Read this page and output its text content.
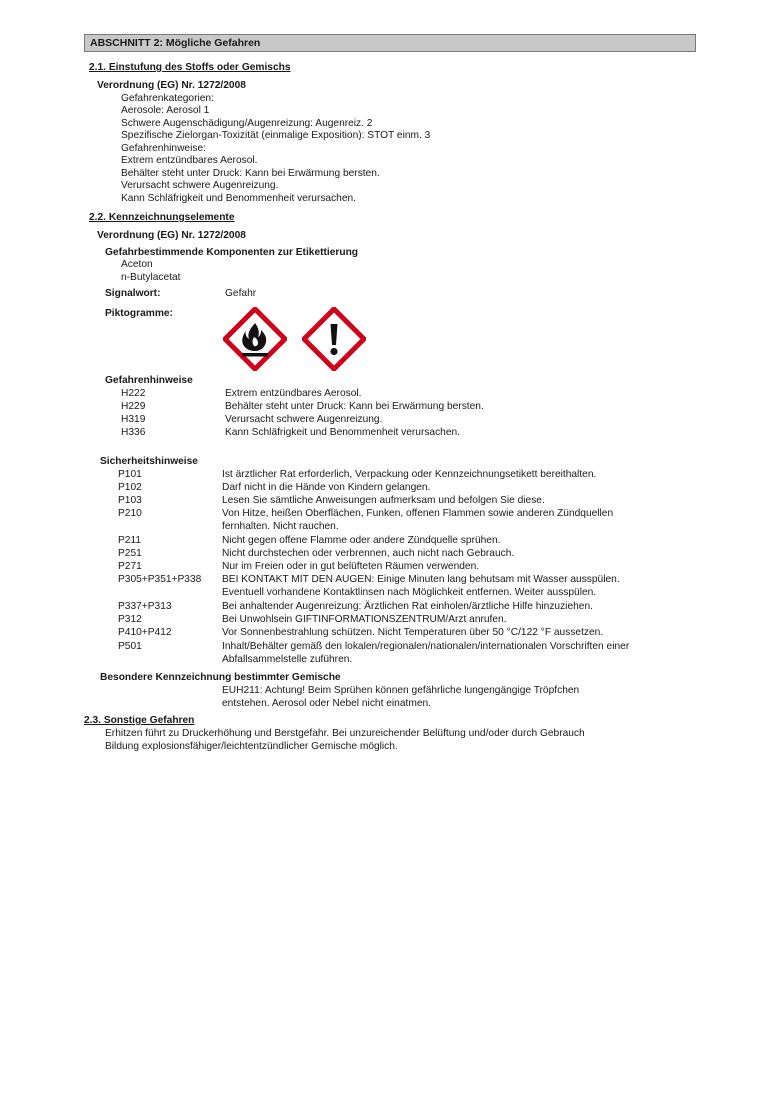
ABSCHNITT 2: Mögliche Gefahren
2.1. Einstufung des Stoffs oder Gemischs
Verordnung (EG) Nr. 1272/2008
Gefahrenkategorien:
Aerosole: Aerosol 1
Schwere Augenschädigung/Augenreizung: Augenreiz. 2
Spezifische Zielorgan-Toxizität (einmalige Exposition): STOT einm. 3
Gefahrenhinweise:
Extrem entzündbares Aerosol.
Behälter steht unter Druck: Kann bei Erwärmung bersten.
Verursacht schwere Augenreizung.
Kann Schläfrigkeit und Benommenheit verursachen.
2.2. Kennzeichnungselemente
Verordnung (EG) Nr. 1272/2008
Gefahrbestimmende Komponenten zur Etikettierung
Aceton
n-Butylacetat
Signalwort:	Gefahr
Piktogramme:
Gefahrenhinweise
H222	Extrem entzündbares Aerosol.
H229	Behälter steht unter Druck: Kann bei Erwärmung bersten.
H319	Verursacht schwere Augenreizung.
H336	Kann Schläfrigkeit und Benommenheit verursachen.
Sicherheitshinweise
P101	Ist ärztlicher Rat erforderlich, Verpackung oder Kennzeichnungsetikett bereithalten.
P102	Darf nicht in die Hände von Kindern gelangen.
P103	Lesen Sie sämtliche Anweisungen aufmerksam und befolgen Sie diese.
P210	Von Hitze, heißen Oberflächen, Funken, offenen Flammen sowie anderen Zündquellen
fernhalten. Nicht rauchen.
P211	Nicht gegen offene Flamme oder andere Zündquelle sprühen.
P251	Nicht durchstechen oder verbrennen, auch nicht nach Gebrauch.
P271	Nur im Freien oder in gut belüfteten Räumen verwenden.
P305+P351+P338 BEI KONTAKT MIT DEN AUGEN: Einige Minuten lang behutsam mit Wasser ausspülen.
Eventuell vorhandene Kontaktlinsen nach Möglichkeit entfernen. Weiter ausspülen.
P337+P313	Bei anhaltender Augenreizung: Ärztlichen Rat einholen/ärztliche Hilfe hinzuziehen.
P312	Bei Unwohlsein GIFTINFORMATIONSZENTRUM/Arzt anrufen.
P410+P412	Vor Sonnenbestrahlung schützen. Nicht Temperaturen über 50 °C/122 °F aussetzen.
P501	Inhalt/Behälter gemäß den lokalen/regionalen/nationalen/internationalen Vorschriften einer
Abfallsammelstelle zuführen.
Besondere Kennzeichnung bestimmter Gemische
EUH211: Achtung! Beim Sprühen können gefährliche lungengängige Tröpfchen
entstehen. Aerosol oder Nebel nicht einatmen.
2.3. Sonstige Gefahren
Erhitzen führt zu Druckerhöhung und Berstgefahr. Bei unzureichender Belüftung und/oder durch Gebrauch
Bildung explosionsfähiger/leichtentzündlicher Gemische möglich.
